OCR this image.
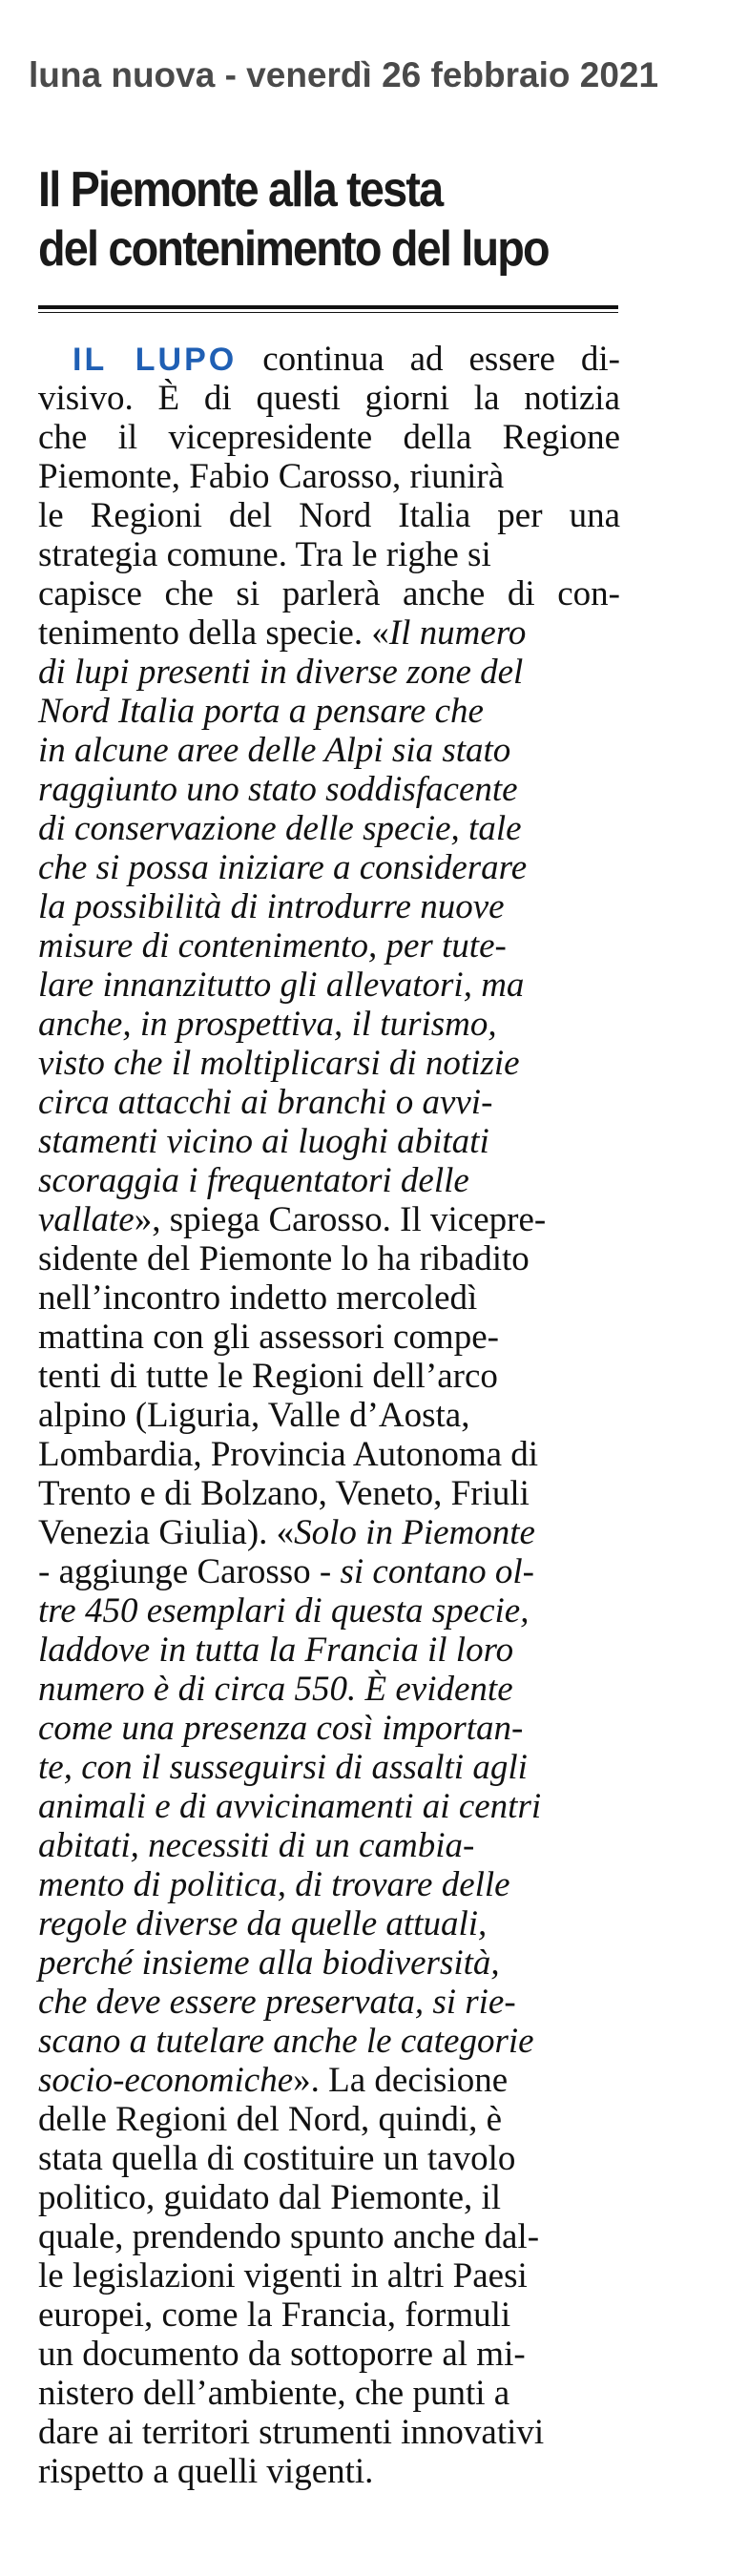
luna nuova - venerdì 26 febbraio 2021
Il Piemonte alla testa
del contenimento del lupo
IL LUPO continua ad essere di-
visivo. È di questi giorni la notizia
che il vicepresidente della Regione
Piemonte, Fabio Carosso, riunirà
le Regioni del Nord Italia per una
strategia comune. Tra le righe si
capisce che si parlerà anche di con-
tenimento della specie. «Il numero
di lupi presenti in diverse zone del
Nord Italia porta a pensare che
in alcune aree delle Alpi sia stato
raggiunto uno stato soddisfacente
di conservazione delle specie, tale
che si possa iniziare a considerare
la possibilità di introdurre nuove
misure di contenimento, per tute-
lare innanzitutto gli allevatori, ma
anche, in prospettiva, il turismo,
visto che il moltiplicarsi di notizie
circa attacchi ai branchi o avvi-
stamenti vicino ai luoghi abitati
scoraggia i frequentatori delle
vallate», spiega Carosso. Il vicepre-
sidente del Piemonte lo ha ribadito
nell’incontro indetto mercoledì
mattina con gli assessori compe-
tenti di tutte le Regioni dell’arco
alpino (Liguria, Valle d’Aosta,
Lombardia, Provincia Autonoma di
Trento e di Bolzano, Veneto, Friuli
Venezia Giulia). «Solo in Piemonte
- aggiunge Carosso - si contano ol-
tre 450 esemplari di questa specie,
laddove in tutta la Francia il loro
numero è di circa 550. È evidente
come una presenza così importan-
te, con il susseguirsi di assalti agli
animali e di avvicinamenti ai centri
abitati, necessiti di un cambia-
mento di politica, di trovare delle
regole diverse da quelle attuali,
perché insieme alla biodiversità,
che deve essere preservata, si rie-
scano a tutelare anche le categorie
socio-economiche». La decisione
delle Regioni del Nord, quindi, è
stata quella di costituire un tavolo
politico, guidato dal Piemonte, il
quale, prendendo spunto anche dal-
le legislazioni vigenti in altri Paesi
europei, come la Francia, formuli
un documento da sottoporre al mi-
nistero dell’ambiente, che punti a
dare ai territori strumenti innovativi
rispetto a quelli vigenti.
